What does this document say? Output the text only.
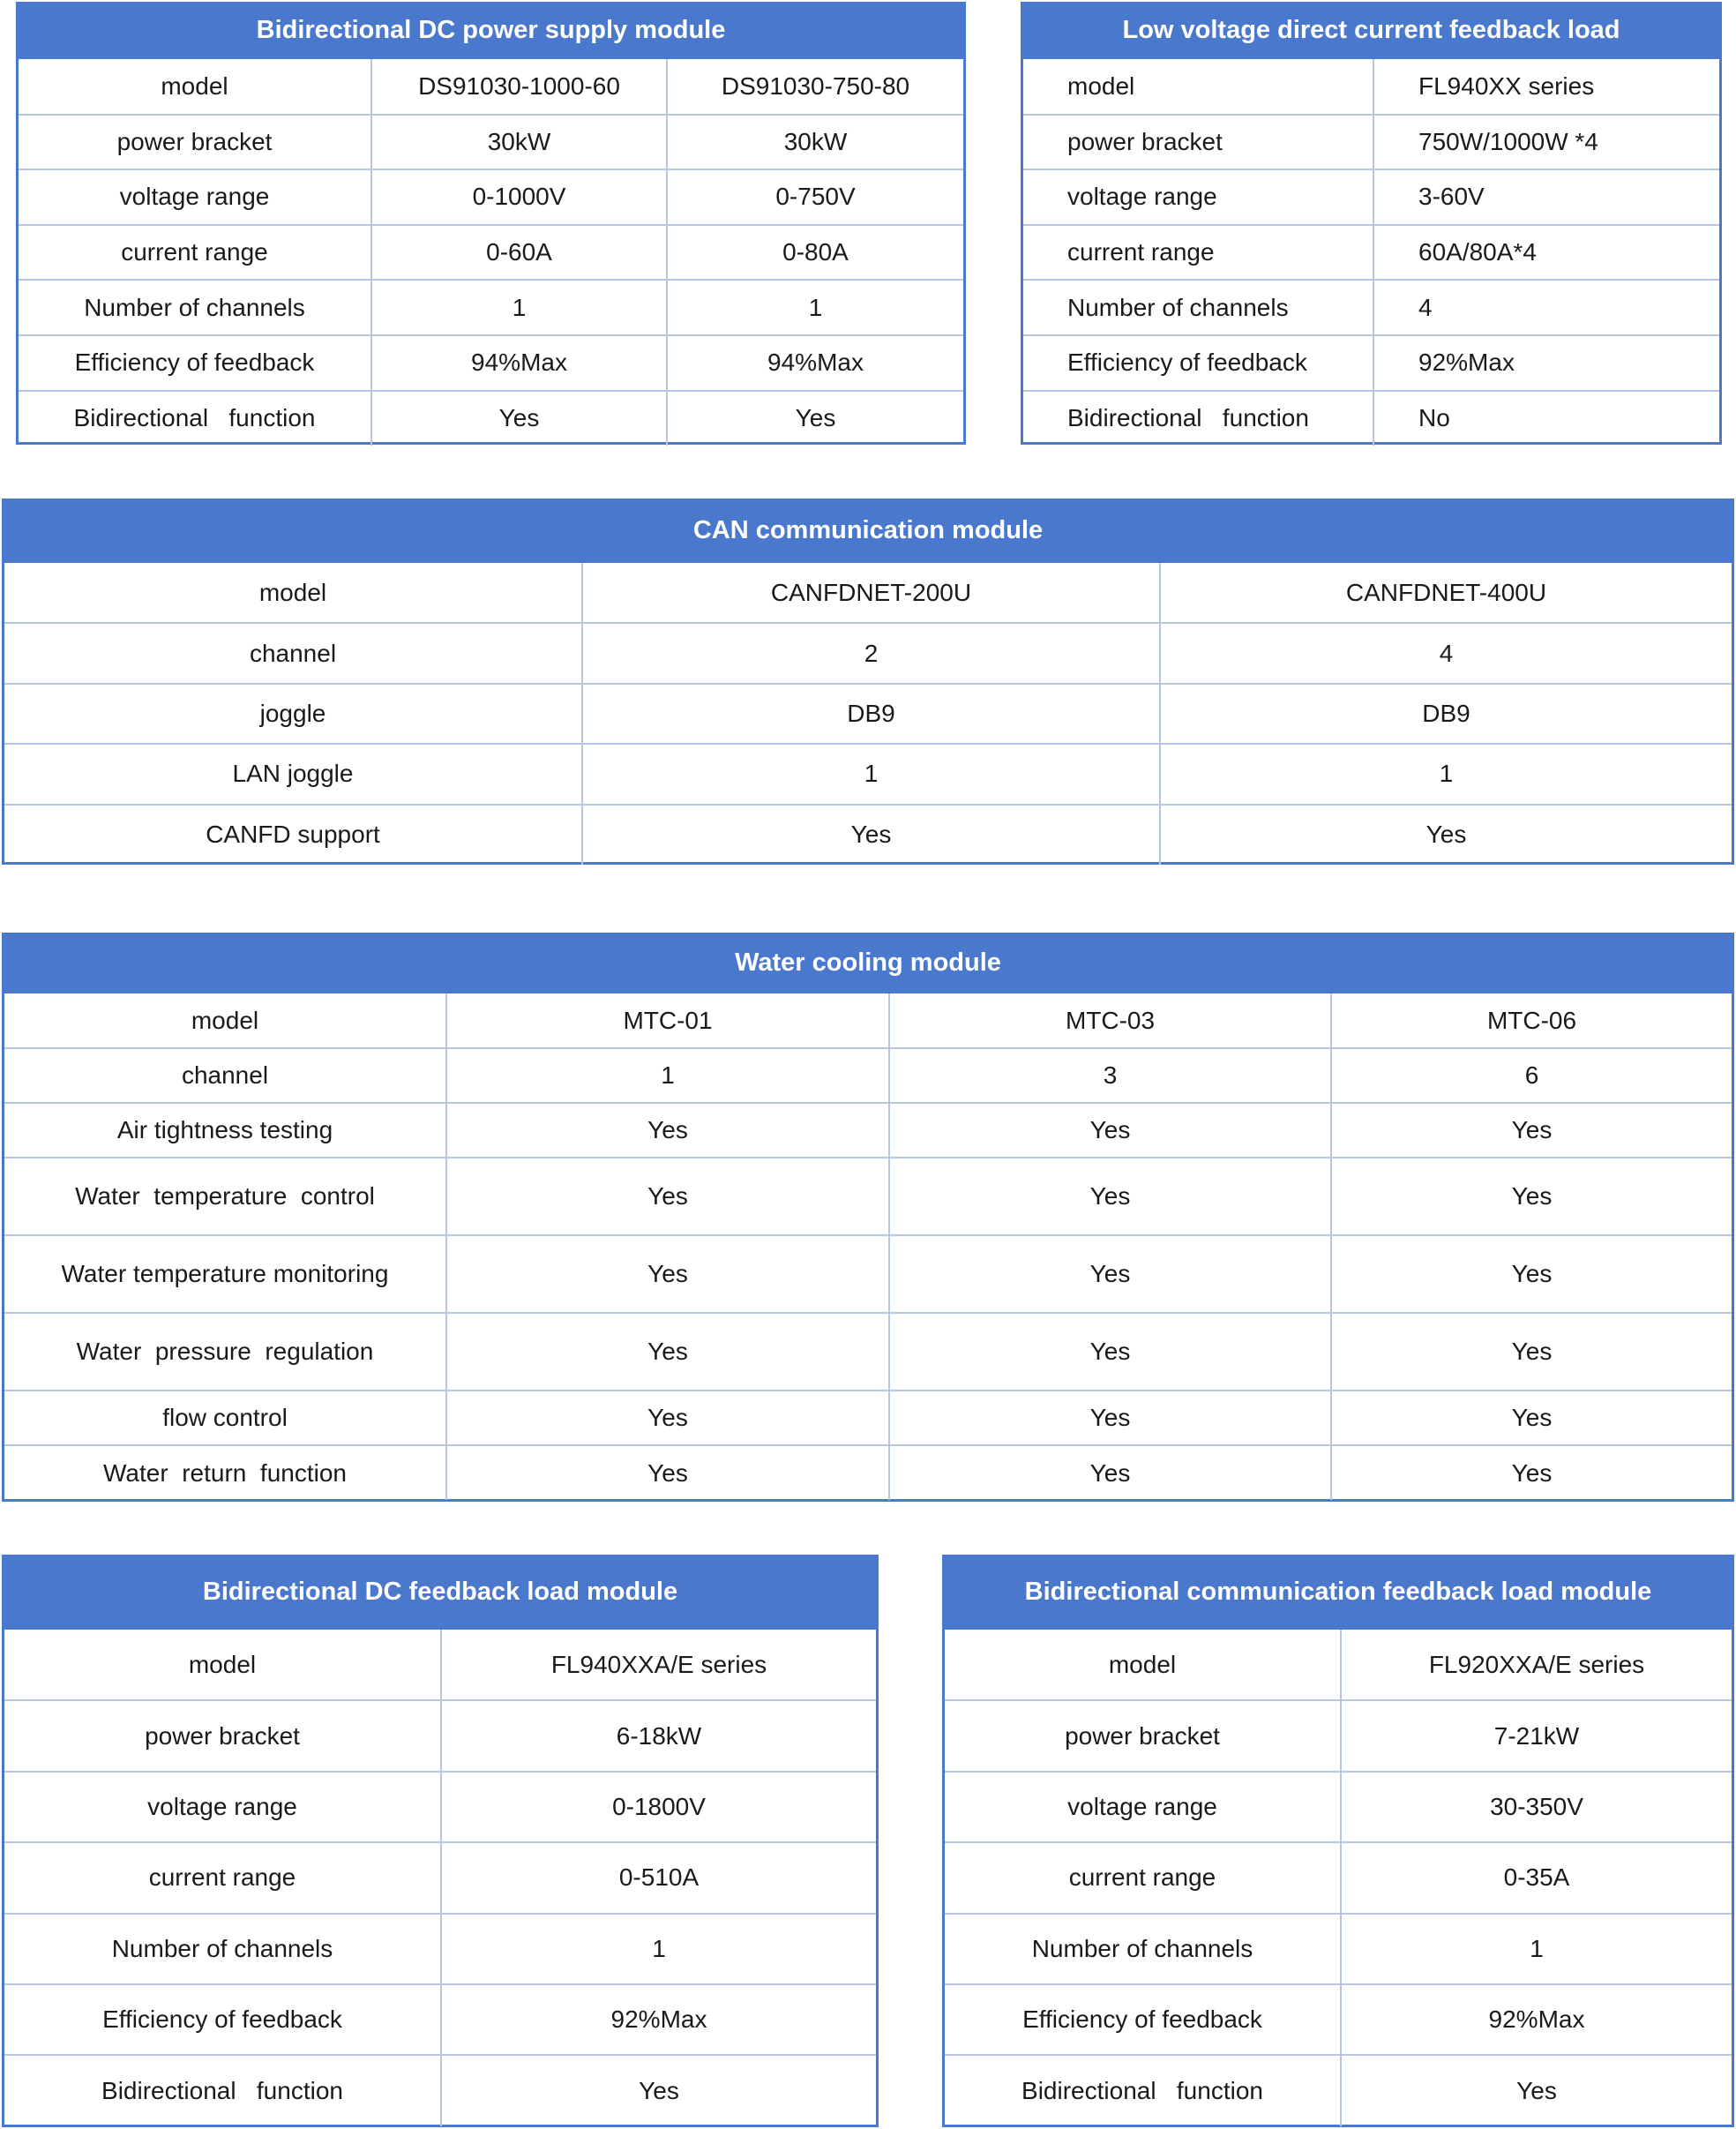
Bidirectional DC power supply module
model	DS91030-1000-60	DS91030-750-80
power bracket	30kW	30kW
voltage range	0-1000V	0-750V
current range	0-60A	0-80A
Number of channels	1	1
Efficiency of feedback	94%Max	94%Max
Bidirectional   function	Yes	Yes
Low voltage direct current feedback load
model	FL940XX series
power bracket	750W/1000W *4
voltage range	3-60V
current range	60A/80A*4
Number of channels	4
Efficiency of feedback	92%Max
Bidirectional   function	No
CAN communication module
model	CANFDNET-200U	CANFDNET-400U
channel	2	4
joggle	DB9	DB9
LAN joggle	1	1
CANFD support	Yes	Yes
Water cooling module
model	MTC-01	MTC-03	MTC-06
channel	1	3	6
Air tightness testing	Yes	Yes	Yes
Water  temperature  control	Yes	Yes	Yes
Water temperature monitoring	Yes	Yes	Yes
Water  pressure  regulation	Yes	Yes	Yes
flow control	Yes	Yes	Yes
Water  return  function	Yes	Yes	Yes
Bidirectional DC feedback load module
model	FL940XXA/E series
power bracket	6-18kW
voltage range	0-1800V
current range	0-510A
Number of channels	1
Efficiency of feedback	92%Max
Bidirectional   function	Yes
Bidirectional communication feedback load module
model	FL920XXA/E series
power bracket	7-21kW
voltage range	30-350V
current range	0-35A
Number of channels	1
Efficiency of feedback	92%Max
Bidirectional   function	Yes
